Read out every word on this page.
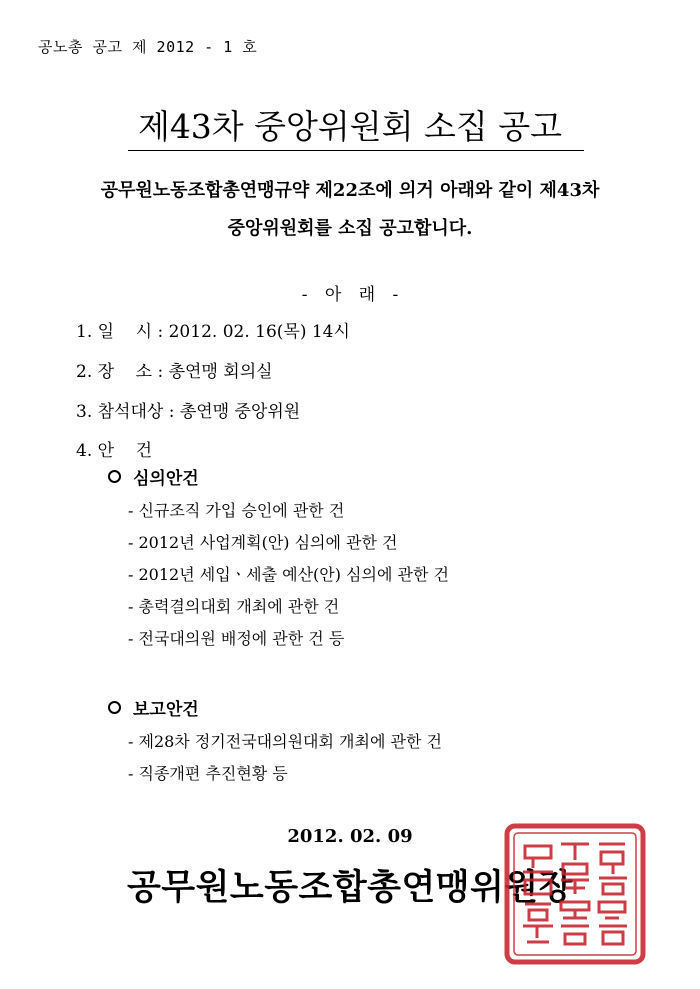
공노총 공고 제 2012 - 1 호
제43차 중앙위원회 소집 공고
공무원노동조합총연맹규약 제22조에 의거 아래와 같이 제43차
중앙위원회를 소집 공고합니다.
- 아 래 -
1. 일    시 : 2012. 02. 16(목) 14시
2. 장    소 : 총연맹 회의실
3. 참석대상 : 총연맹 중앙위원
4. 안    건
심의안건
- 신규조직 가입 승인에 관한 건
- 2012년 사업계획(안) 심의에 관한 건
- 2012년 세입ㆍ세출 예산(안) 심의에 관한 건
- 총력결의대회 개최에 관한 건
- 전국대의원 배정에 관한 건 등
보고안건
- 제28차 정기전국대의원대회 개최에 관한 건
- 직종개편 추진현황 등
2012. 02. 09
공무원노동조합총연맹위원장
